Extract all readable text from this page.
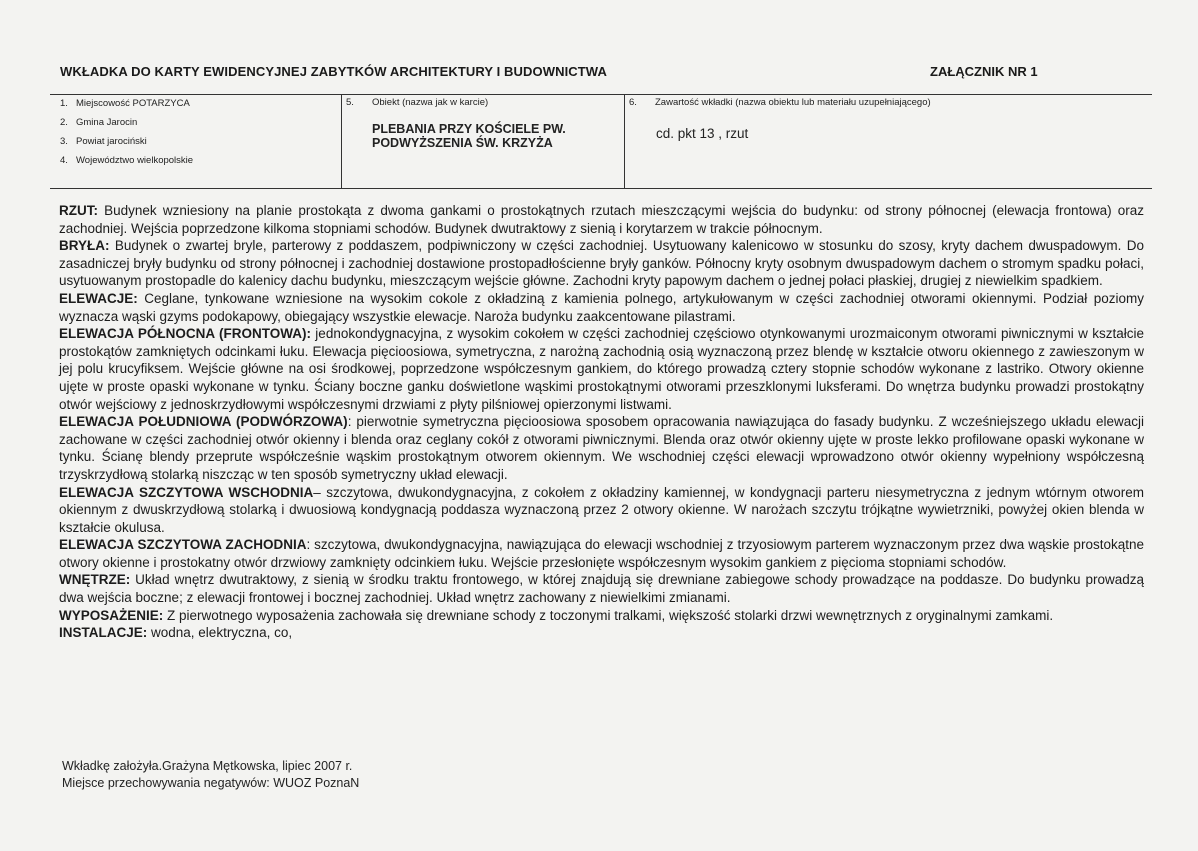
WKŁADKA DO KARTY EWIDENCYJNEJ ZABYTKÓW ARCHITEKTURY I BUDOWNICTWA	ZAŁĄCZNIK NR 1
1. Miejscowość POTARZYCA
2. Gmina Jarocin
3. Powiat jarociński
4. Województwo wielkopolskie
5. Obiekt (nazwa jak w karcie)
PLEBANIA PRZY KOŚCIELE PW.
PODWYŻSZENIA ŚW. KRZYŻA
6. Zawartość wkładki (nazwa obiektu lub materiału uzupełniającego)
cd. pkt 13 , rzut

RZUT: Budynek wzniesiony na planie prostokąta z dwoma gankami o prostokątnych rzutach mieszczącymi wejścia do budynku: od strony północnej (elewacja frontowa) oraz zachodniej. Wejścia poprzedzone kilkoma stopniami schodów. Budynek dwutraktowy z sienią i korytarzem w trakcie północnym.

BRYŁA: Budynek o zwartej bryle, parterowy z poddaszem, podpiwniczony w części zachodniej. Usytuowany kalenicowo w stosunku do szosy, kryty dachem dwuspadowym. Do zasadniczej bryły budynku od strony północnej i zachodniej dostawione prostopadłościenne bryły ganków. Północny kryty osobnym dwuspadowym dachem o stromym spadku połaci, usytuowanym prostopadle do kalenicy dachu budynku, mieszczącym wejście główne. Zachodni kryty papowym dachem o jednej połaci płaskiej, drugiej z niewielkim spadkiem.

ELEWACJE: Ceglane, tynkowane wzniesione na wysokim cokole z okładziną z kamienia polnego, artykułowanym w części zachodniej otworami okiennymi. Podział poziomy wyznacza wąski gzyms podokapowy, obiegający wszystkie elewacje. Naroża budynku zaakcentowane pilastrami.

ELEWACJA PÓŁNOCNA (FRONTOWA): jednokondygnacyjna, z wysokim cokołem w części zachodniej częściowo otynkowanymi urozmaiconym otworami piwnicznymi w kształcie prostokątów zamkniętych odcinkami łuku. Elewacja pięcioosiowa, symetryczna, z narożną zachodnią osią wyznaczoną przez blendę w kształcie otworu okiennego z zawieszonym w jej polu krucyfiksem. Wejście główne na osi środkowej, poprzedzone współczesnym gankiem, do którego prowadzą cztery stopnie schodów wykonane z lastriko. Otwory okienne ujęte w proste opaski wykonane w tynku. Ściany boczne ganku doświetlone wąskimi prostokątnymi otworami przeszklonymi luksferami. Do wnętrza budynku prowadzi prostokątny otwór wejściowy z jednoskrzydłowymi współczesnymi drzwiami z płyty pilśniowej opierzonymi listwami.

ELEWACJA POŁUDNIOWA (PODWÓRZOWA): pierwotnie symetryczna pięcioosiowa sposobem opracowania nawiązująca do fasady budynku. Z wcześniejszego układu elewacji zachowane w części zachodniej otwór okienny i blenda oraz ceglany cokół z otworami piwnicznymi. Blenda oraz otwór okienny ujęte w proste lekko profilowane opaski wykonane w tynku. Ścianę blendy przeprute współcześnie wąskim prostokątnym otworem okiennym. We wschodniej części elewacji wprowadzono otwór okienny wypełniony współczesną trzyskrzydłową stolarką niszcząc w ten sposób symetryczny układ elewacji.

ELEWACJA SZCZYTOWA WSCHODNIA– szczytowa, dwukondygnacyjna, z cokołem z okładziny kamiennej, w kondygnacji parteru niesymetryczna z jednym wtórnym otworem okiennym z dwuskrzydłową stolarką i dwuosiową kondygnacją poddasza wyznaczoną przez 2 otwory okienne. W narożach szczytu trójkątne wywietrzniki, powyżej okien blenda w kształcie okulusa.

ELEWACJA SZCZYTOWA ZACHODNIA: szczytowa, dwukondygnacyjna, nawiązująca do elewacji wschodniej z trzyosiowym parterem wyznaczonym przez dwa wąskie prostokątne otwory okienne i prostokatny otwór drzwiowy zamknięty odcinkiem łuku. Wejście przesłonięte współczesnym wysokim gankiem z pięcioma stopniami schodów.

WNĘTRZE: Układ wnętrz dwutraktowy, z sienią w środku traktu frontowego, w której znajdują się drewniane zabiegowe schody prowadzące na poddasze. Do budynku prowadzą dwa wejścia boczne; z elewacji frontowej i bocznej zachodniej. Układ wnętrz zachowany z niewielkimi zmianami.

WYPOSAŻENIE: Z pierwotnego wyposażenia zachowała się drewniane schody z toczonymi tralkami, większość stolarki drzwi wewnętrznych z oryginalnymi zamkami.

INSTALACJE: wodna, elektryczna, co,

Wkładkę założyła.Grażyna Mętkowska, lipiec 2007 r.
Miejsce przechowywania negatywów: WUOZ PoznaN
